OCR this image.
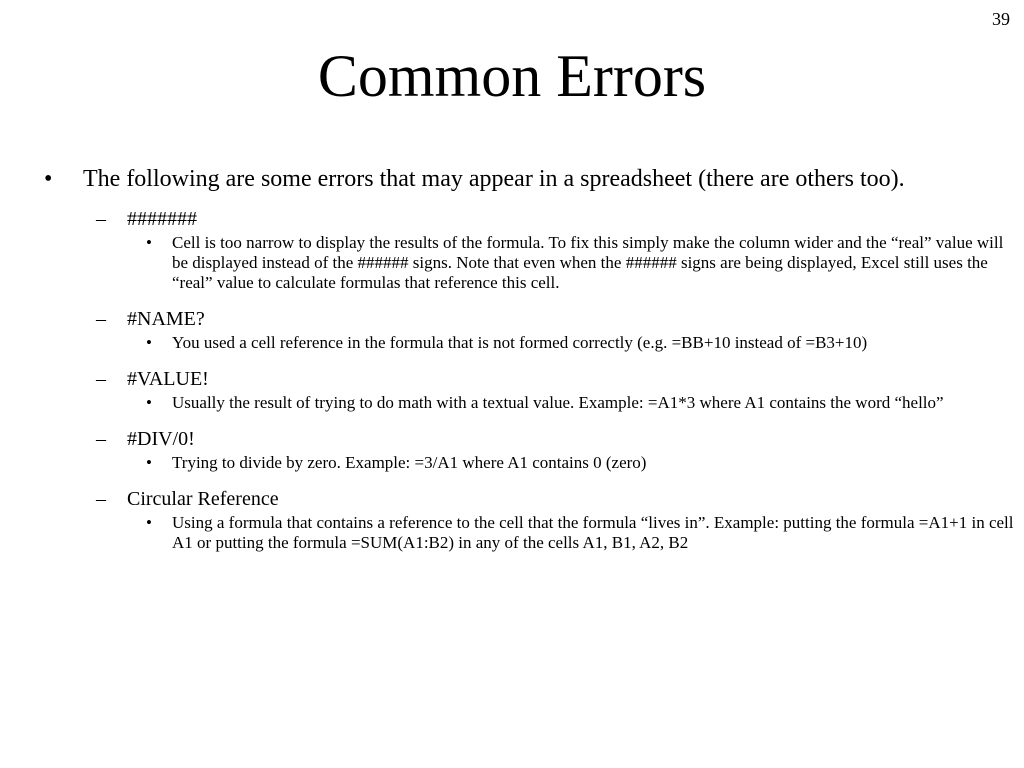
39
Common Errors
• The following are some errors that may appear in a spreadsheet (there are others too).
– #######
• Cell is too narrow to display the results of the formula. To fix this simply make the column wider and the “real” value will be displayed instead of the ###### signs. Note that even when the ###### signs are being displayed, Excel still uses the “real” value to calculate formulas that reference this cell.
– #NAME?
• You used a cell reference in the formula that is not formed correctly (e.g. =BB+10 instead of =B3+10)
– #VALUE!
• Usually the result of trying to do math with a textual value. Example: =A1*3 where A1 contains the word “hello”
– #DIV/0!
• Trying to divide by zero. Example: =3/A1 where A1 contains 0 (zero)
– Circular Reference
• Using a formula that contains a reference to the cell that the formula “lives in”. Example: putting the formula =A1+1 in cell A1 or putting the formula =SUM(A1:B2) in any of the cells A1, B1, A2, B2
